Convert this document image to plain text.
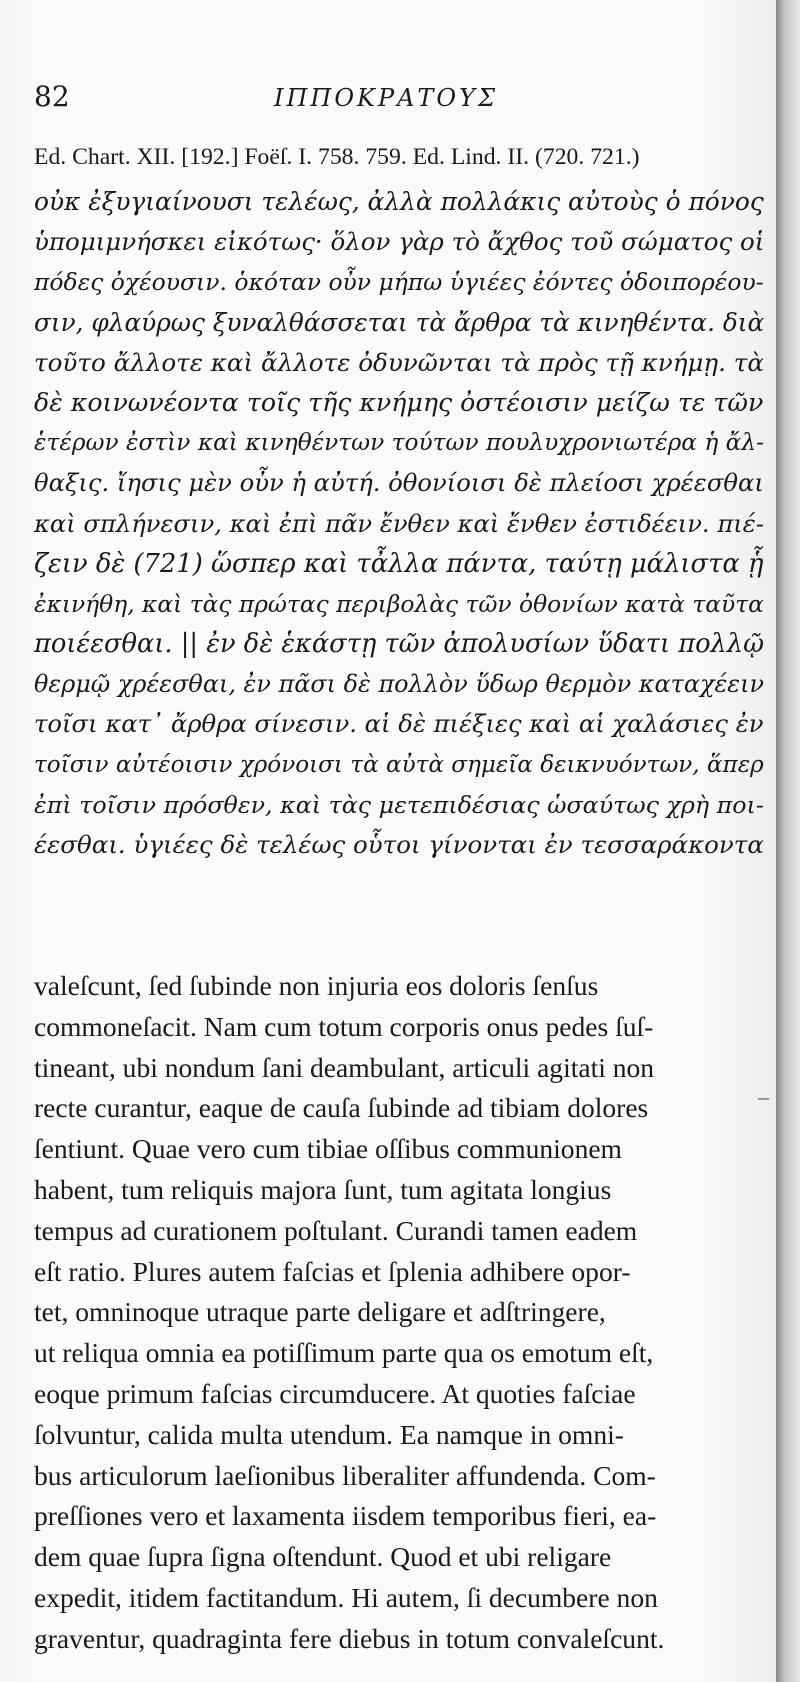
82	ΙΠΠΟΚΡΑΤΟΥΣ
Ed. Chart. XII. [192.] Foëſ. I. 758. 759. Ed. Lind. II. (720. 721.)
οὐκ ἐξυγιαίνουσι τελέως, ἀλλὰ πολλάκις αὐτοὺς ὁ πόνος
ὑπομιμνήσκει εἰκότως· ὅλον γὰρ τὸ ἄχθος τοῦ σώματος οἱ
πόδες ὀχέουσιν. ὁκόταν οὖν μήπω ὑγιέες ἐόντες ὁδοιπορέου-
σιν, φλαύρως ξυναλθάσσεται τὰ ἄρθρα τὰ κινηθέντα. διὰ
τοῦτο ἄλλοτε καὶ ἄλλοτε ὀδυνῶνται τὰ πρὸς τῇ κνήμῃ. τὰ
δὲ κοινωνέοντα τοῖς τῆς κνήμης ὀστέοισιν μείζω τε τῶν
ἑτέρων ἐστὶν καὶ κινηθέντων τούτων πουλυχρονιωτέρα ἡ ἄλ-
θαξις. ἴησις μὲν οὖν ἡ αὐτή. ὀθονίοισι δὲ πλείοσι χρέεσθαι
καὶ σπλήνεσιν, καὶ ἐπὶ πᾶν ἔνθεν καὶ ἔνθεν ἐστιδέειν. πιέ-
ζειν δὲ (721) ὥσπερ καὶ τἆλλα πάντα, ταύτῃ μάλιστα ᾗ
ἐκινήθη, καὶ τὰς πρώτας περιβολὰς τῶν ὀθονίων κατὰ ταῦτα
ποιέεσθαι. || ἐν δὲ ἑκάστῃ τῶν ἀπολυσίων ὕδατι πολλῷ
θερμῷ χρέεσθαι, ἐν πᾶσι δὲ πολλὸν ὕδωρ θερμὸν καταχέειν
τοῖσι κατ᾽ ἄρθρα σίνεσιν. αἱ δὲ πιέξιες καὶ αἱ χαλάσιες ἐν
τοῖσιν αὐτέοισιν χρόνοισι τὰ αὐτὰ σημεῖα δεικνυόντων, ἅπερ
ἐπὶ τοῖσιν πρόσθεν, καὶ τὰς μετεπιδέσιας ὡσαύτως χρὴ ποι-
έεσθαι. ὑγιέες δὲ τελέως οὗτοι γίνονται ἐν τεσσαράκοντα
valeſcunt, ſed ſubinde non injuria eos doloris ſenſus
commoneſacit. Nam cum totum corporis onus pedes ſuſ-
tineant, ubi nondum ſani deambulant, articuli agitati non
recte curantur, eaque de cauſa ſubinde ad tibiam dolores
ſentiunt. Quae vero cum tibiae oſſibus communionem
habent, tum reliquis majora ſunt, tum agitata longius
tempus ad curationem poſtulant. Curandi tamen eadem
eſt ratio. Plures autem faſcias et ſplenia adhibere opor-
tet, omninoque utraque parte deligare et adſtringere,
ut reliqua omnia ea potiſſimum parte qua os emotum eſt,
eoque primum faſcias circumducere. At quoties faſciae
ſolvuntur, calida multa utendum. Ea namque in omni-
bus articulorum laeſionibus liberaliter affundenda. Com-
preſſiones vero et laxamenta iisdem temporibus fieri, ea-
dem quae ſupra ſigna oſtendunt. Quod et ubi religare
expedit, itidem factitandum. Hi autem, ſi decumbere non
graventur, quadraginta fere diebus in totum convaleſcunt.
–
